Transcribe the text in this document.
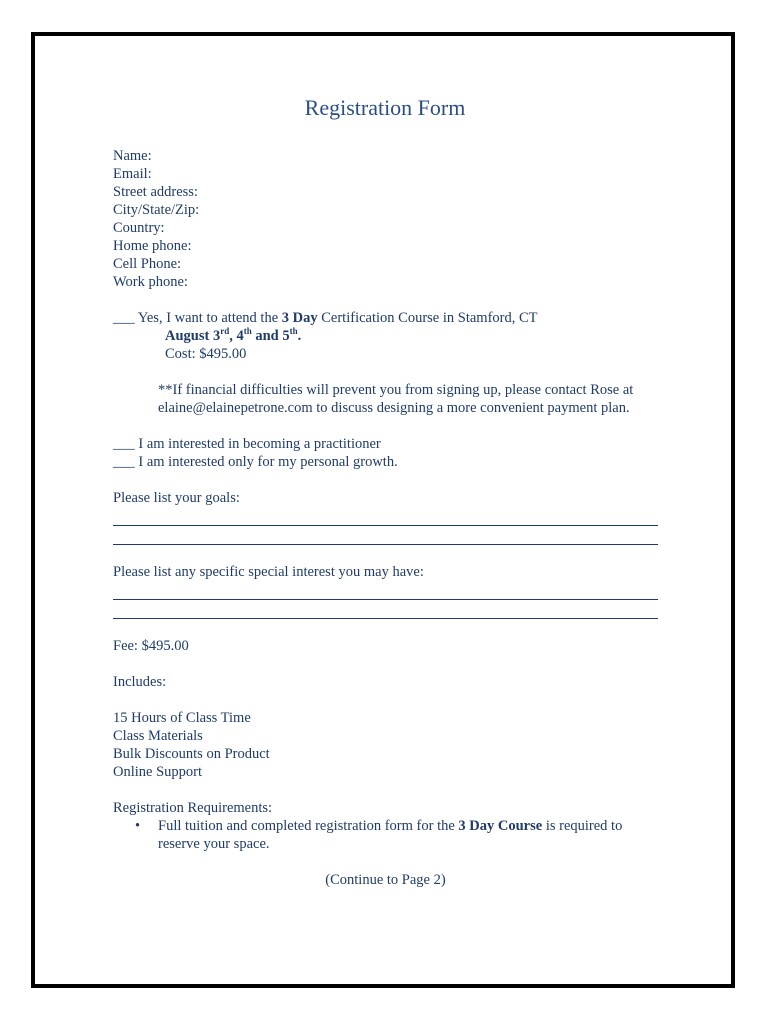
Registration Form
Name:
Email:
Street address:
City/State/Zip:
Country:
Home phone:
Cell Phone:
Work phone:
___ Yes, I want to attend the 3 Day Certification Course in Stamford, CT
August 3rd, 4th and 5th.
Cost: $495.00
**If financial difficulties will prevent you from signing up, please contact Rose at elaine@elainepetrone.com to discuss designing a more convenient payment plan.
___ I am interested in becoming a practitioner
___ I am interested only for my personal growth.
Please list your goals:
Please list any specific special interest you may have:
Fee: $495.00
Includes:
15 Hours of Class Time
Class Materials
Bulk Discounts on Product
Online Support
Registration Requirements:
• Full tuition and completed registration form for the 3 Day Course is required to
reserve your space.
(Continue to Page 2)
